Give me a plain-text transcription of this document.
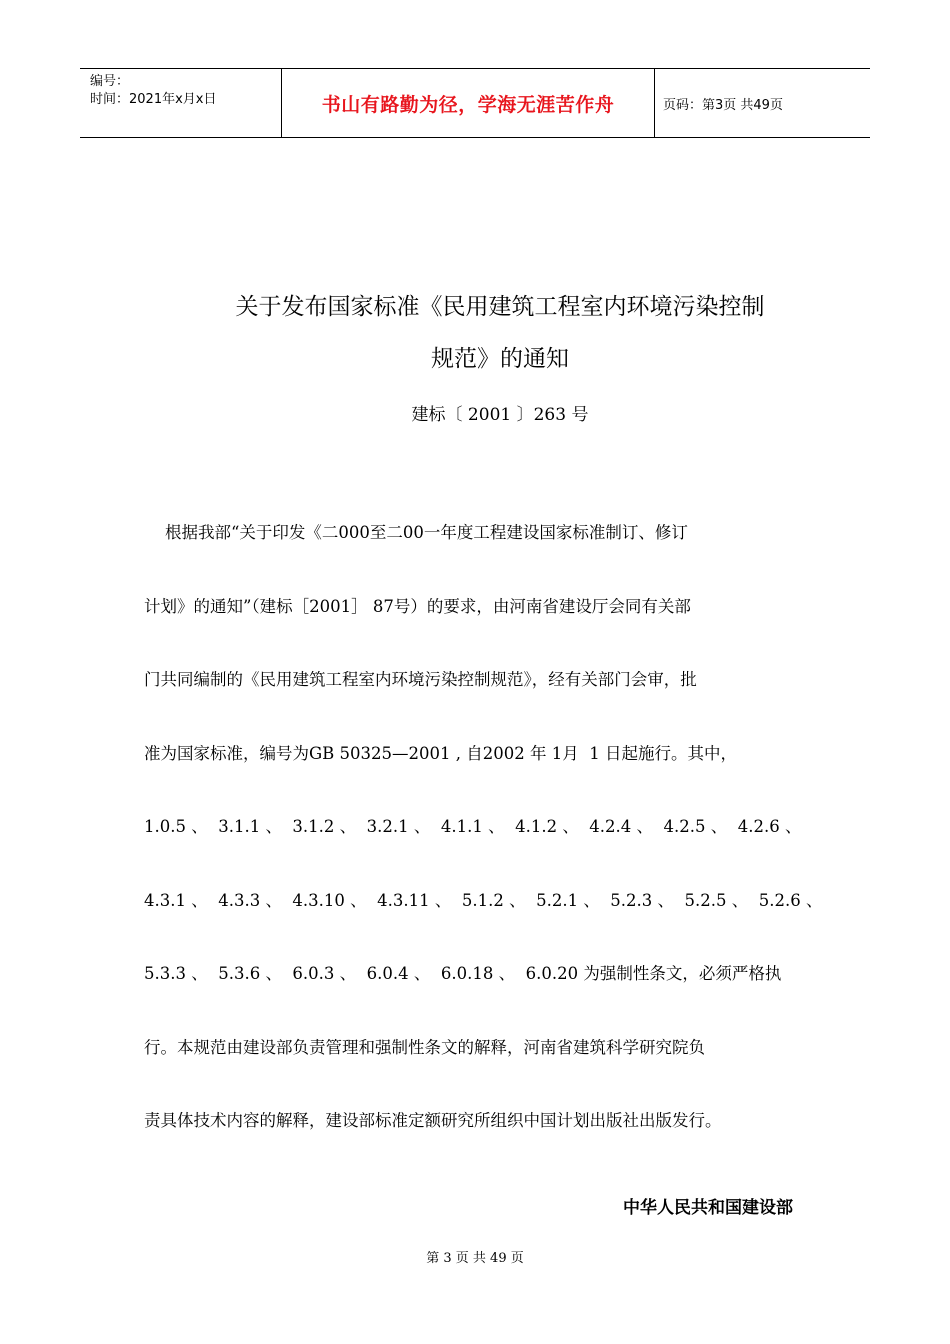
编号：
时间：2021年x月x日	书山有路勤为径，学海无涯苦作舟	页码：第3页 共49页
关于发布国家标准《民用建筑工程室内环境污染控制
规范》的通知
建标〔 2001 〕263 号

根据我部“关于印发《二000至二00一年度工程建设国家标准制订、修订

计划》的通知”（建标［2001］ 87号）的要求，由河南省建设厅会同有关部

门共同编制的《民用建筑工程室内环境污染控制规范》，经有关部门会审，批

准为国家标准，编号为GB 50325—2001 , 自2002 年 1月  1 日起施行。其中，

1.0.5 、  3.1.1 、  3.1.2 、  3.2.1 、  4.1.1 、  4.1.2 、  4.2.4 、  4.2.5 、  4.2.6 、

4.3.1 、  4.3.3 、  4.3.10 、  4.3.11 、  5.1.2 、  5.2.1 、  5.2.3 、  5.2.5 、  5.2.6 、

5.3.3 、  5.3.6 、  6.0.3 、  6.0.4 、  6.0.18 、  6.0.20 为强制性条文，必须严格执

行。本规范由建设部负责管理和强制性条文的解释，河南省建筑科学研究院负

责具体技术内容的解释，建设部标准定额研究所组织中国计划出版社出版发行。

中华人民共和国建设部
第 3 页 共 49 页
